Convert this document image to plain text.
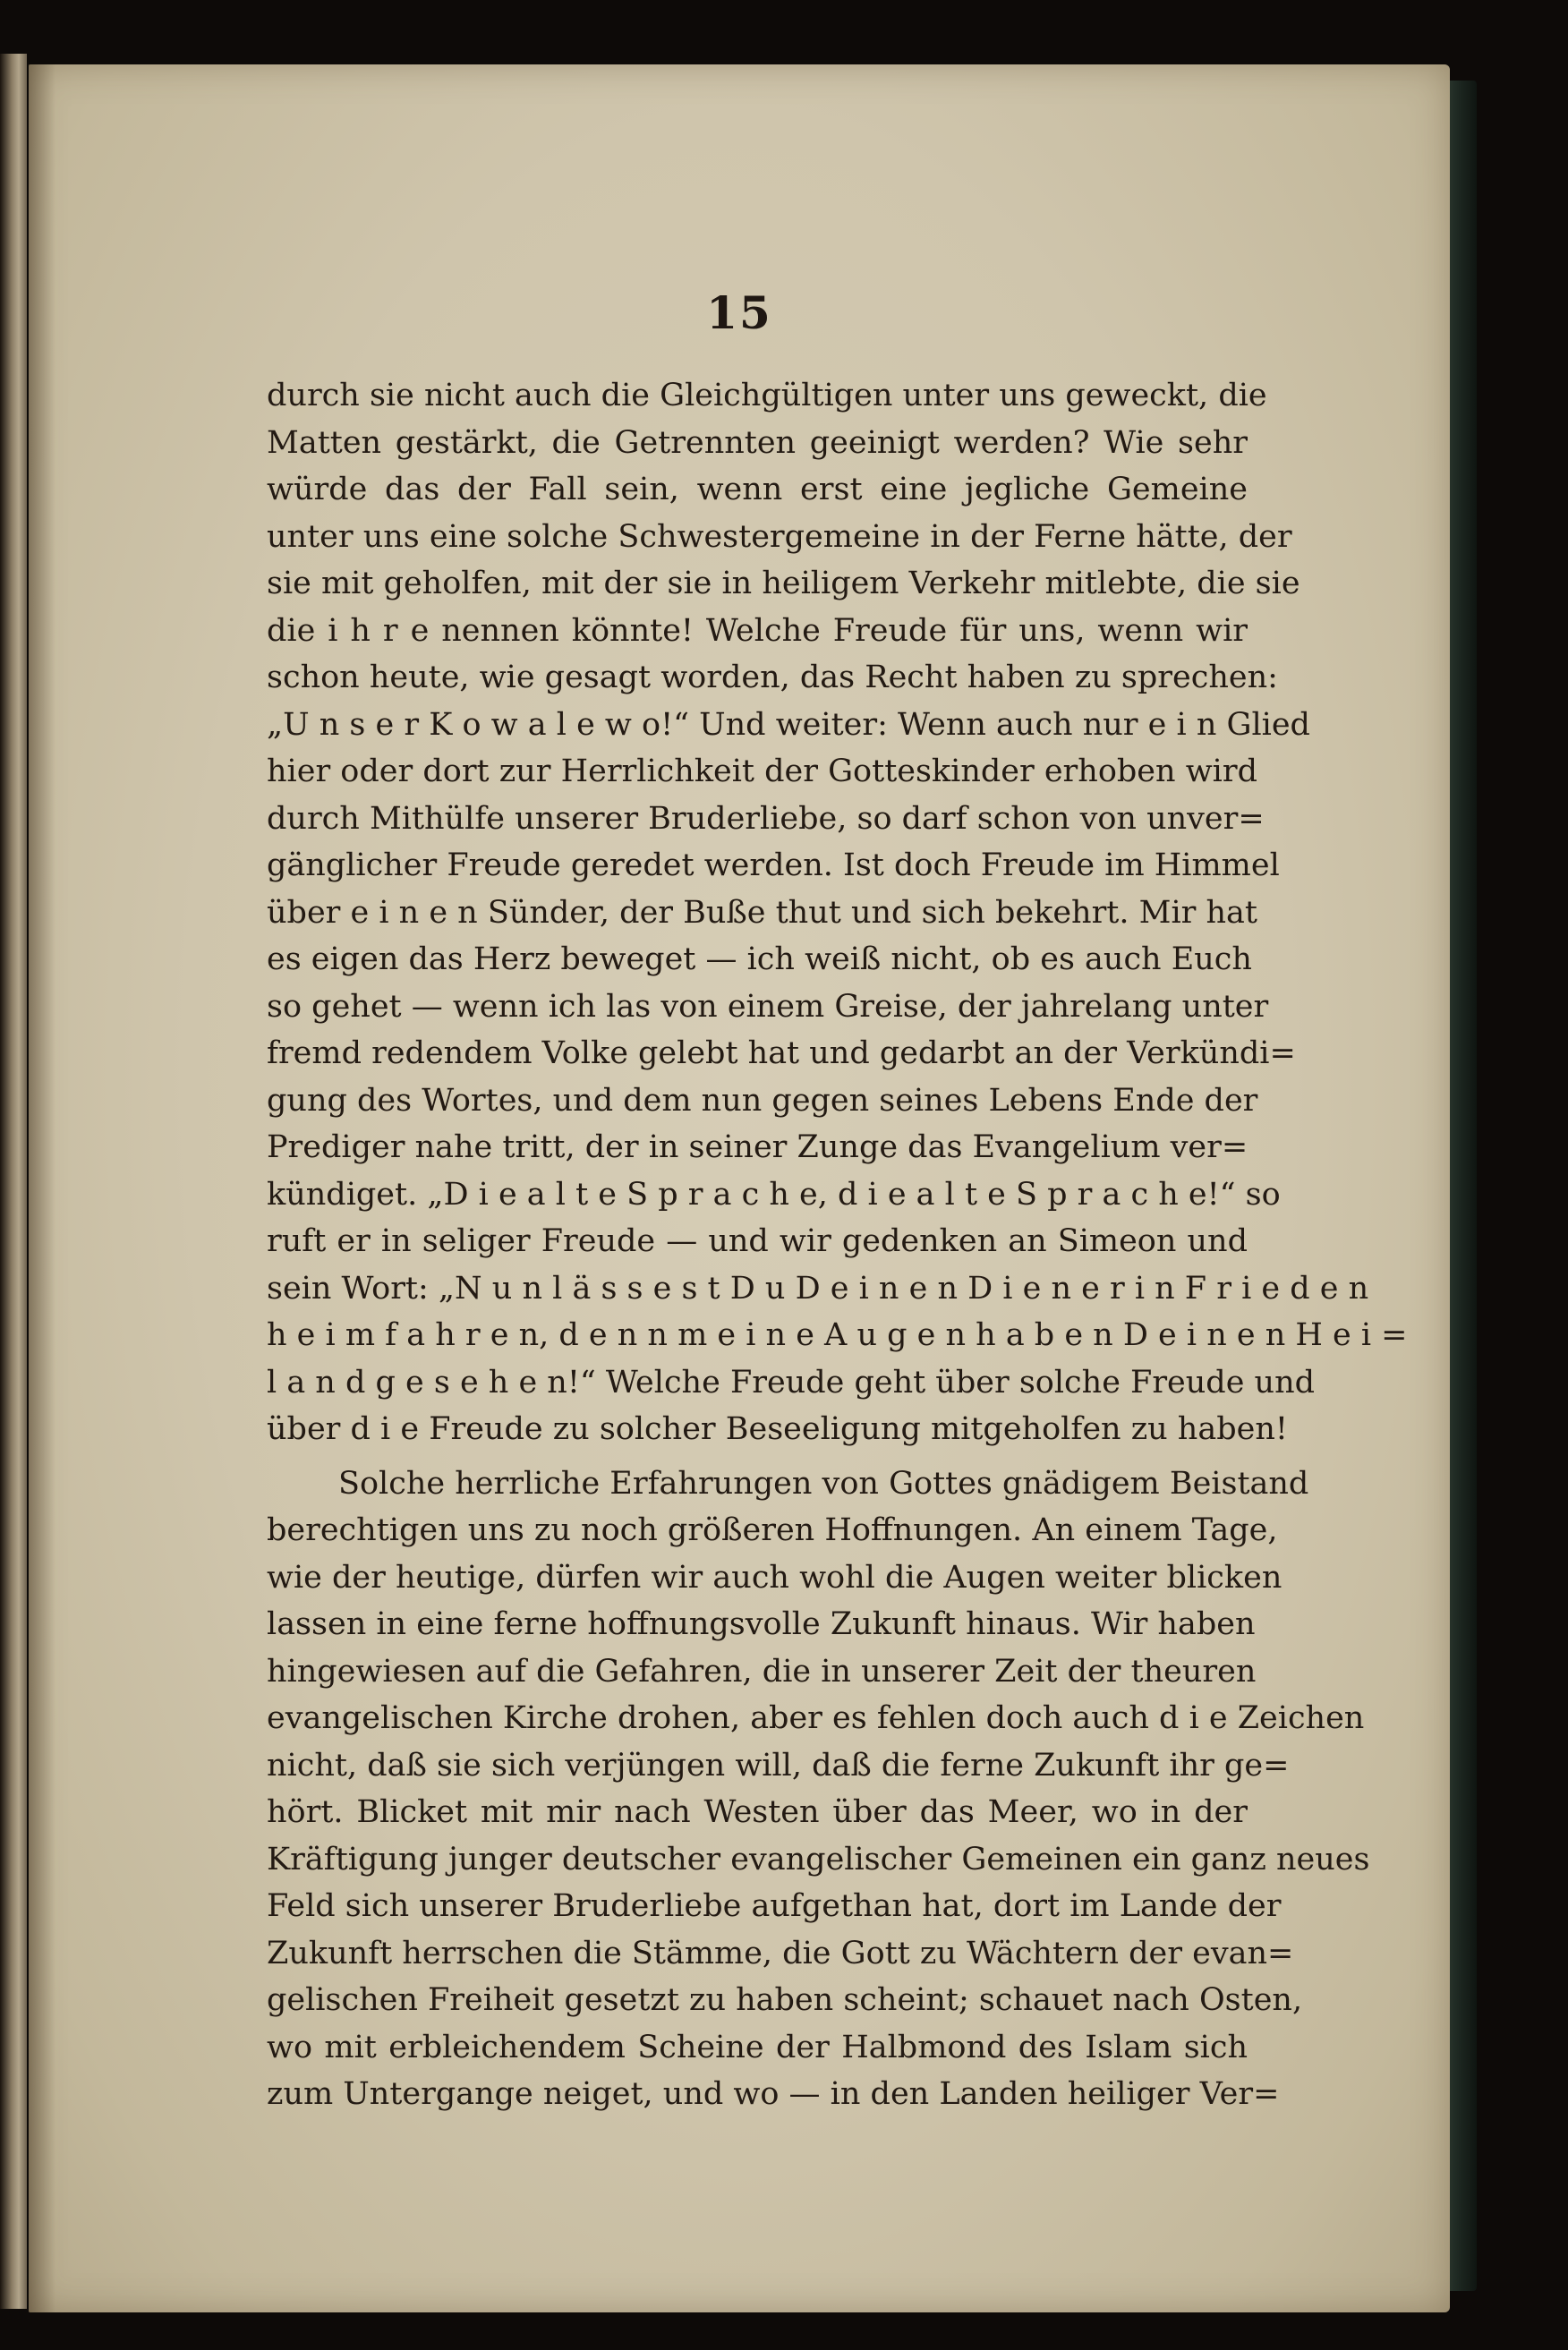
15
durch sie nicht auch die Gleichgültigen unter uns geweckt, die
Matten gestärkt, die Getrennten geeinigt werden? Wie sehr
würde das der Fall sein, wenn erst eine jegliche Gemeine
unter uns eine solche Schwestergemeine in der Ferne hätte, der
sie mit geholfen, mit der sie in heiligem Verkehr mitlebte, die sie
die i h r e nennen könnte! Welche Freude für uns, wenn wir
schon heute, wie gesagt worden, das Recht haben zu sprechen:
„U n s e r K o w a l e w o!“ Und weiter: Wenn auch nur e i n Glied
hier oder dort zur Herrlichkeit der Gotteskinder erhoben wird
durch Mithülfe unserer Bruderliebe, so darf schon von unver=
gänglicher Freude geredet werden. Ist doch Freude im Himmel
über e i n e n Sünder, der Buße thut und sich bekehrt. Mir hat
es eigen das Herz beweget — ich weiß nicht, ob es auch Euch
so gehet — wenn ich las von einem Greise, der jahrelang unter
fremd redendem Volke gelebt hat und gedarbt an der Verkündi=
gung des Wortes, und dem nun gegen seines Lebens Ende der
Prediger nahe tritt, der in seiner Zunge das Evangelium ver=
kündiget. „D i e a l t e S p r a c h e, d i e a l t e S p r a c h e!“ so
ruft er in seliger Freude — und wir gedenken an Simeon und
sein Wort: „N u n l ä s s e s t D u D e i n e n D i e n e r i n F r i e d e n
h e i m f a h r e n, d e n n m e i n e A u g e n h a b e n D e i n e n H e i =
l a n d g e s e h e n!“ Welche Freude geht über solche Freude und
über d i e Freude zu solcher Beseeligung mitgeholfen zu haben!
Solche herrliche Erfahrungen von Gottes gnädigem Beistand
berechtigen uns zu noch größeren Hoffnungen. An einem Tage,
wie der heutige, dürfen wir auch wohl die Augen weiter blicken
lassen in eine ferne hoffnungsvolle Zukunft hinaus. Wir haben
hingewiesen auf die Gefahren, die in unserer Zeit der theuren
evangelischen Kirche drohen, aber es fehlen doch auch d i e Zeichen
nicht, daß sie sich verjüngen will, daß die ferne Zukunft ihr ge=
hört. Blicket mit mir nach Westen über das Meer, wo in der
Kräftigung junger deutscher evangelischer Gemeinen ein ganz neues
Feld sich unserer Bruderliebe aufgethan hat, dort im Lande der
Zukunft herrschen die Stämme, die Gott zu Wächtern der evan=
gelischen Freiheit gesetzt zu haben scheint; schauet nach Osten,
wo mit erbleichendem Scheine der Halbmond des Islam sich
zum Untergange neiget, und wo — in den Landen heiliger Ver=
